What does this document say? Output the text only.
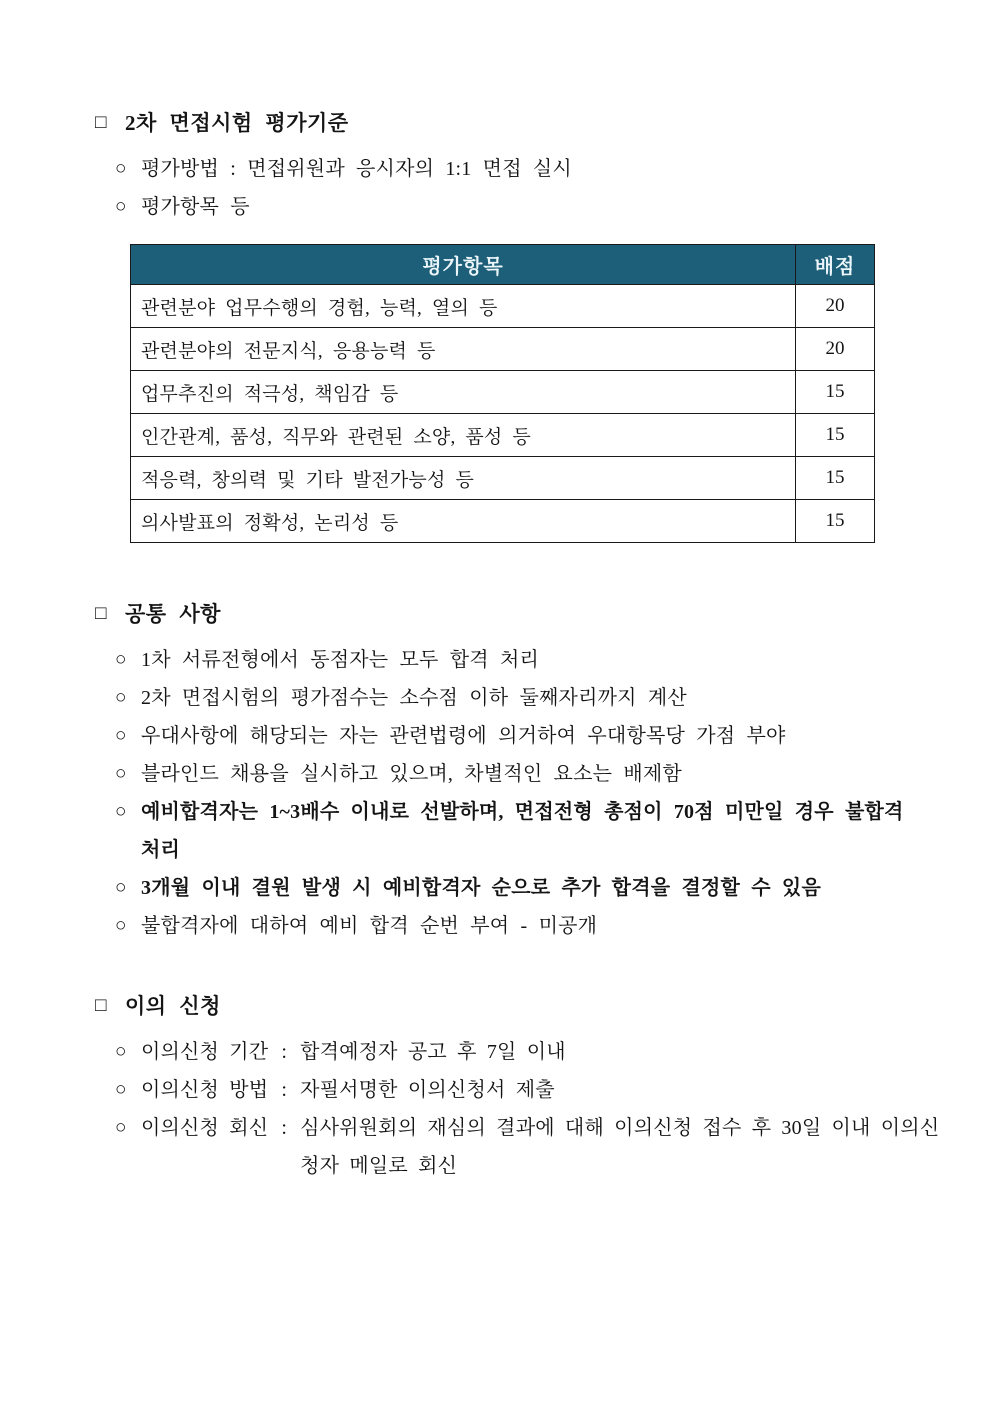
□ 2차 면접시험 평가기준
○ 평가방법 : 면접위원과 응시자의 1:1 면접 실시
○ 평가항목 등
평가항목	배점
관련분야 업무수행의 경험, 능력, 열의 등	20
관련분야의 전문지식, 응용능력 등	20
업무추진의 적극성, 책임감 등	15
인간관계, 품성, 직무와 관련된 소양, 품성 등	15
적응력, 창의력 및 기타 발전가능성 등	15
의사발표의 정확성, 논리성 등	15
□ 공통 사항
○ 1차 서류전형에서 동점자는 모두 합격 처리
○ 2차 면접시험의 평가점수는 소수점 이하 둘째자리까지 계산
○ 우대사항에 해당되는 자는 관련법령에 의거하여 우대항목당 가점 부야
○ 블라인드 채용을 실시하고 있으며, 차별적인 요소는 배제함
○ 예비합격자는 1~3배수 이내로 선발하며, 면접전형 총점이 70점 미만일 경우 불합격 처리
○ 3개월 이내 결원 발생 시 예비합격자 순으로 추가 합격을 결정할 수 있음
○ 불합격자에 대하여 예비 합격 순번 부여 - 미공개
□ 이의 신청
○ 이의신청 기간 : 합격예정자 공고 후 7일 이내
○ 이의신청 방법 : 자필서명한 이의신청서 제출
○ 이의신청 회신 : 심사위원회의 재심의 결과에 대해 이의신청 접수 후 30일 이내 이의신청자 메일로 회신
